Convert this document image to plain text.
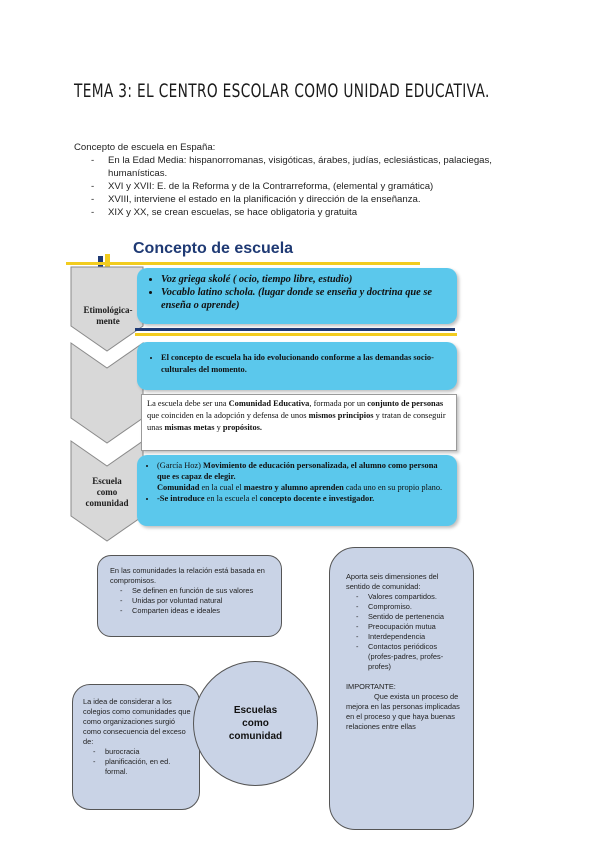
TEMA 3: EL CENTRO ESCOLAR COMO UNIDAD EDUCATIVA.
Concepto de escuela en España:
- En la Edad Media: hispanorromanas, visigóticas, árabes, judías, eclesiásticas, palaciegas, humanísticas.
- XVI y XVII: E. de la Reforma y de la Contrarreforma, (elemental y gramática)
- XVIII, interviene el estado en la planificación y dirección de la enseñanza.
- XIX y XX, se crean escuelas, se hace obligatoria y gratuita
Concepto de escuela
Etimológica-mente
Escuela
como
comunidad
• Voz griega skolé ( ocio, tiempo libre, estudio)
• Vocablo latino schola. (lugar donde se enseña y doctrina que se enseña o aprende)
• El concepto de escuela ha ido evolucionando conforme a las demandas socio-culturales del momento.
La escuela debe ser una Comunidad Educativa, formada por un conjunto de personas que coinciden en la adopción y defensa de unos mismos principios y tratan de conseguir unas mismas metas y propósitos.
• (García Hoz) Movimiento de educación personalizada, el alumno como persona que es capaz de elegir.
Comunidad en la cual el maestro y alumno aprenden cada uno en su propio plano.
• -Se introduce en la escuela el concepto docente e investigador.
En las comunidades la relación está basada en compromisos.
- Se definen en función de sus valores
- Unidas por voluntad natural
- Comparten ideas e ideales
La idea de considerar a los colegios como comunidades que como organizaciones surgió como consecuencia del exceso de:
- burocracia
- planificación, en ed. formal.
Aporta seis dimensiones del sentido de comunidad:
- Valores compartidos.
- Compromiso.
- Sentido de pertenencia
- Preocupación mutua
- Interdependencia
- Contactos periódicos (profes-padres, profes-profes)
IMPORTANTE:
Que exista un proceso de mejora en las personas implicadas en el proceso y que haya buenas relaciones entre ellas
Escuelas
como
comunidad
